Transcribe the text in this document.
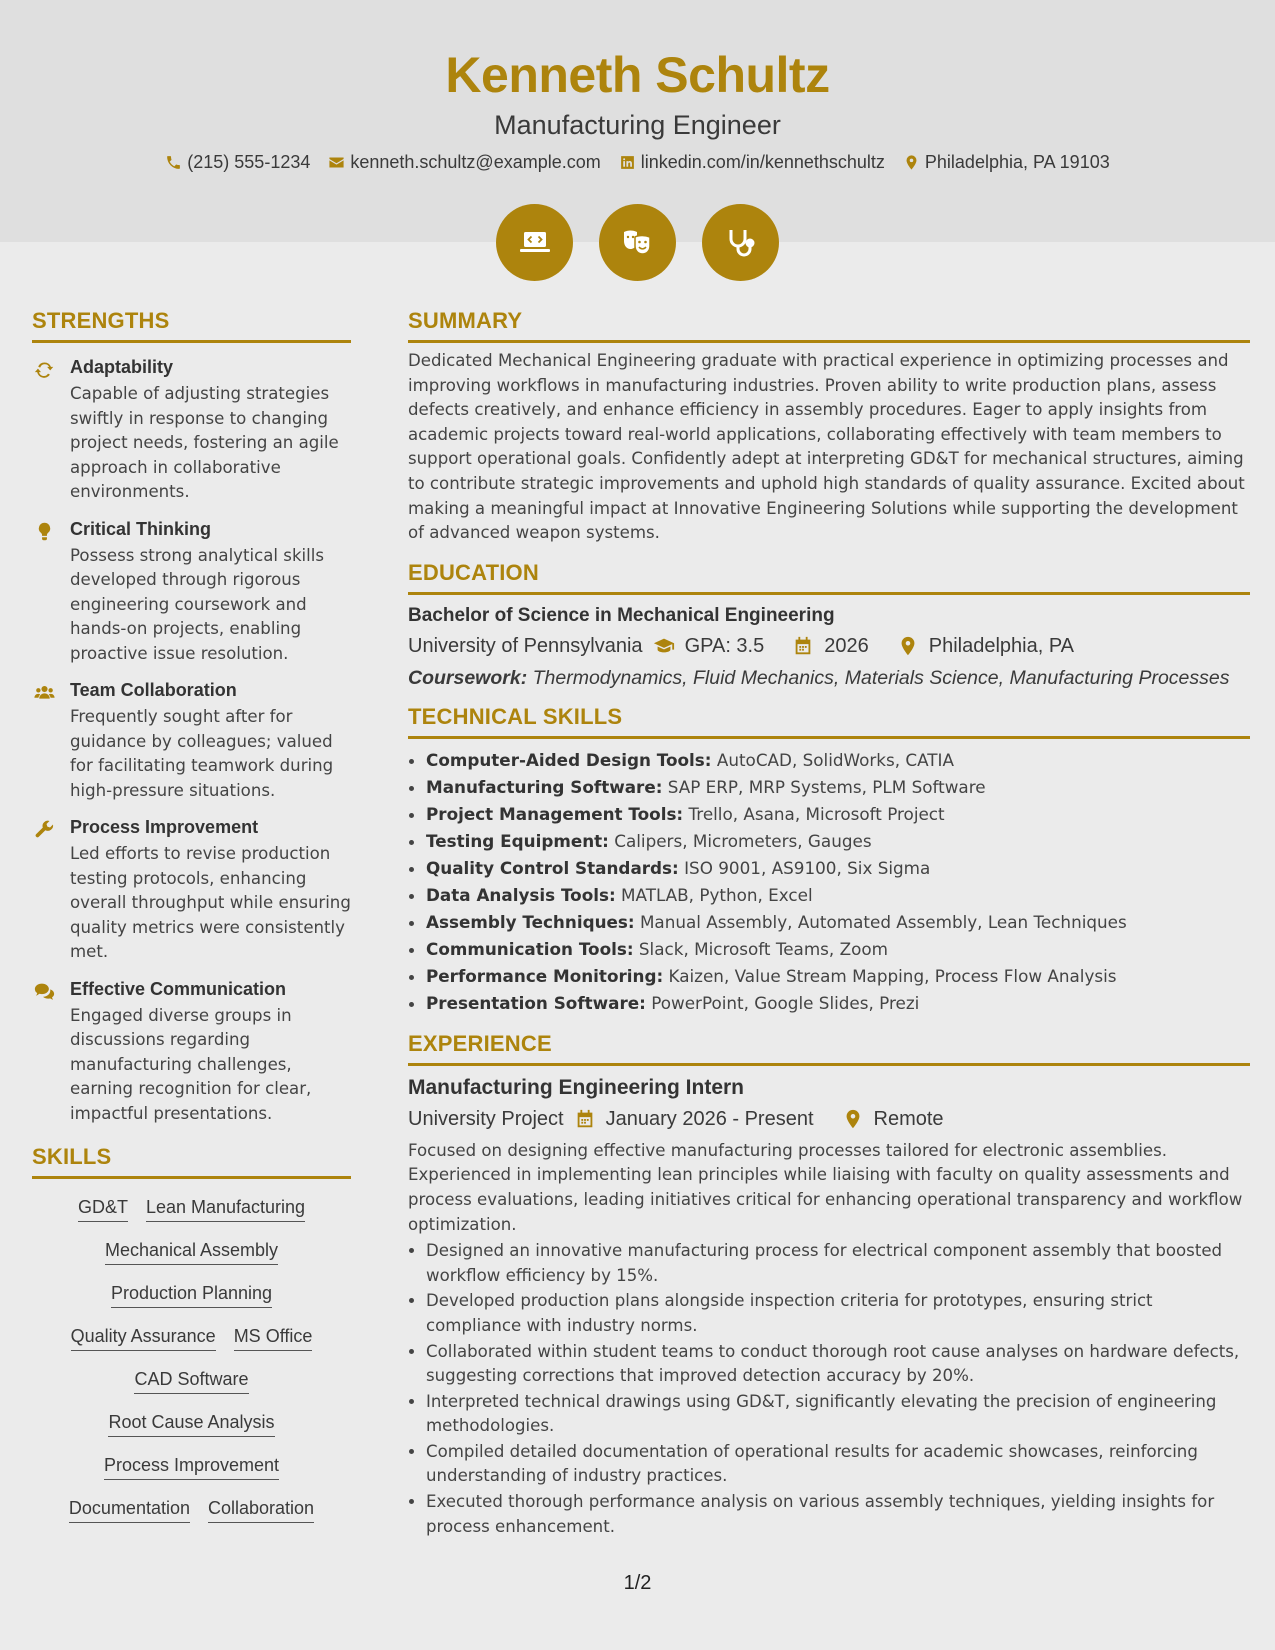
Kenneth Schultz
Manufacturing Engineer
(215) 555-1234 kenneth.schultz@example.com linkedin.com/in/kennethschultz Philadelphia, PA 19103
STRENGTHS
Adaptability

Capable of adjusting strategies swiftly in response to changing project needs, fostering an agile approach in collaborative environments.

Critical Thinking

Possess strong analytical skills developed through rigorous engineering coursework and hands-on projects, enabling proactive issue resolution.

Team Collaboration

Frequently sought after for guidance by colleagues; valued for facilitating teamwork during high-pressure situations.

Process Improvement

Led efforts to revise production testing protocols, enhancing overall throughput while ensuring quality metrics were consistently met.

Effective Communication

Engaged diverse groups in discussions regarding manufacturing challenges, earning recognition for clear, impactful presentations.

SKILLS
GD&T Lean Manufacturing
Mechanical Assembly
Production Planning
Quality Assurance MS Office
CAD Software
Root Cause Analysis
Process Improvement
Documentation Collaboration
SUMMARY

Dedicated Mechanical Engineering graduate with practical experience in optimizing processes and improving workflows in manufacturing industries. Proven ability to write production plans, assess defects creatively, and enhance efficiency in assembly procedures. Eager to apply insights from academic projects toward real-world applications, collaborating effectively with team members to support operational goals. Confidently adept at interpreting GD&T for mechanical structures, aiming to contribute strategic improvements and uphold high standards of quality assurance. Excited about making a meaningful impact at Innovative Engineering Solutions while supporting the development of advanced weapon systems.

EDUCATION
Bachelor of Science in Mechanical Engineering
University of Pennsylvania GPA: 3.5	2026	Philadelphia, PA
Coursework: Thermodynamics, Fluid Mechanics, Materials Science, Manufacturing Processes
TECHNICAL SKILLS
• Computer-Aided Design Tools: AutoCAD, SolidWorks, CATIA
• Manufacturing Software: SAP ERP, MRP Systems, PLM Software
• Project Management Tools: Trello, Asana, Microsoft Project
• Testing Equipment: Calipers, Micrometers, Gauges
• Quality Control Standards: ISO 9001, AS9100, Six Sigma
• Data Analysis Tools: MATLAB, Python, Excel
• Assembly Techniques: Manual Assembly, Automated Assembly, Lean Techniques
• Communication Tools: Slack, Microsoft Teams, Zoom
• Performance Monitoring: Kaizen, Value Stream Mapping, Process Flow Analysis
• Presentation Software: PowerPoint, Google Slides, Prezi
EXPERIENCE
Manufacturing Engineering Intern
University Project January 2026 - Present	Remote

Focused on designing effective manufacturing processes tailored for electronic assemblies. Experienced in implementing lean principles while liaising with faculty on quality assessments and process evaluations, leading initiatives critical for enhancing operational transparency and workflow optimization.

• Designed an innovative manufacturing process for electrical component assembly that boosted workflow efficiency by 15%.
• Developed production plans alongside inspection criteria for prototypes, ensuring strict compliance with industry norms.
• Collaborated within student teams to conduct thorough root cause analyses on hardware defects, suggesting corrections that improved detection accuracy by 20%.
• Interpreted technical drawings using GD&T, significantly elevating the precision of engineering methodologies.
• Compiled detailed documentation of operational results for academic showcases, reinforcing understanding of industry practices.
• Executed thorough performance analysis on various assembly techniques, yielding insights for process enhancement.
1/2
